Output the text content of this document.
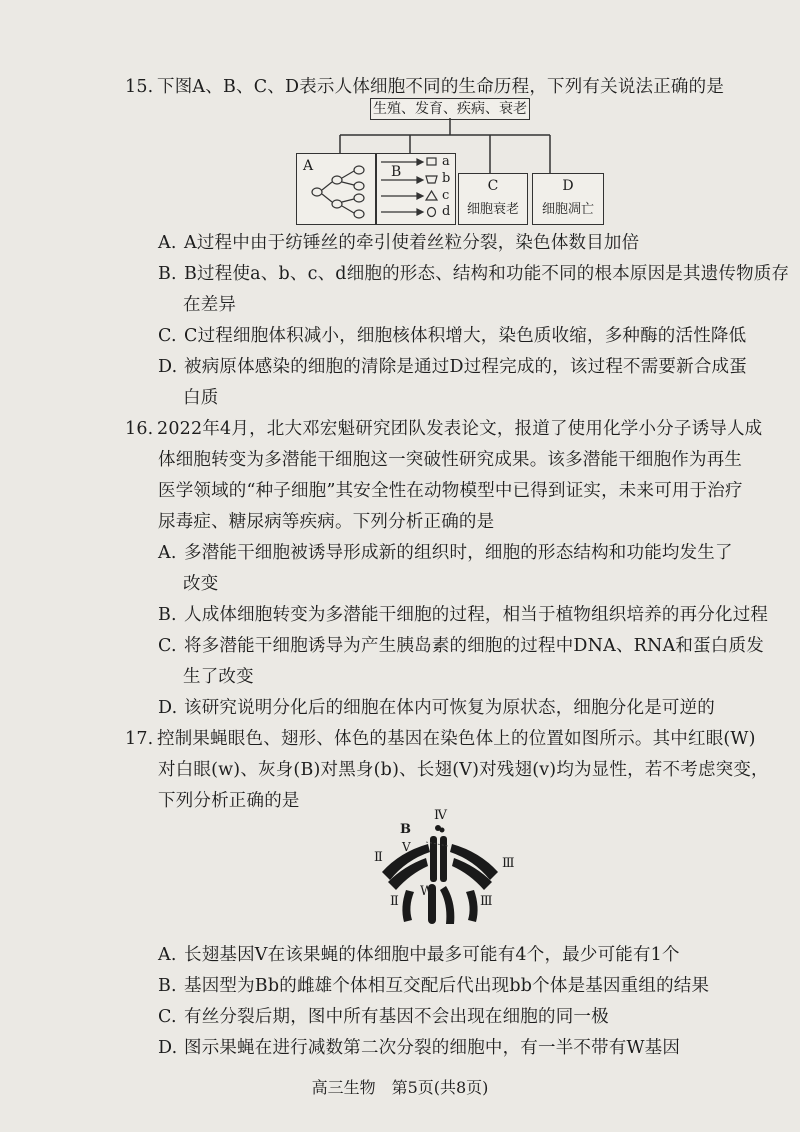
15. 下图A、B、C、D表示人体细胞不同的生命历程，下列有关说法正确的是
生殖、发育、疾病、衰老
A	B
a
b
c
d
C
细胞衰老
D
细胞凋亡
A. A过程中由于纺锤丝的牵引使着丝粒分裂，染色体数目加倍
B. B过程使a、b、c、d细胞的形态、结构和功能不同的根本原因是其遗传物质存
在差异
C. C过程细胞体积减小，细胞核体积增大，染色质收缩，多种酶的活性降低
D. 被病原体感染的细胞的清除是通过D过程完成的，该过程不需要新合成蛋
白质
16. 2022年4月，北大邓宏魁研究团队发表论文，报道了使用化学小分子诱导人成
体细胞转变为多潜能干细胞这一突破性研究成果。该多潜能干细胞作为再生
医学领域的“种子细胞”其安全性在动物模型中已得到证实，未来可用于治疗
尿毒症、糖尿病等疾病。下列分析正确的是
A. 多潜能干细胞被诱导形成新的组织时，细胞的形态结构和功能均发生了
改变
B. 人成体细胞转变为多潜能干细胞的过程，相当于植物组织培养的再分化过程
C. 将多潜能干细胞诱导为产生胰岛素的细胞的过程中DNA、RNA和蛋白质发
生了改变
D. 该研究说明分化后的细胞在体内可恢复为原状态，细胞分化是可逆的
17. 控制果蝇眼色、翅形、体色的基因在染色体上的位置如图所示。其中红眼(W)
对白眼(w)、灰身(B)对黑身(b)、长翅(V)对残翅(v)均为显性，若不考虑突变，
下列分析正确的是
Ⅳ
B
V
Ⅱ	Ⅲ
W
Ⅱ	Ⅲ
A. 长翅基因V在该果蝇的体细胞中最多可能有4个，最少可能有1个
B. 基因型为Bb的雌雄个体相互交配后代出现bb个体是基因重组的结果
C. 有丝分裂后期，图中所有基因不会出现在细胞的同一极
D. 图示果蝇在进行减数第二次分裂的细胞中，有一半不带有W基因
高三生物　第5页(共8页)
